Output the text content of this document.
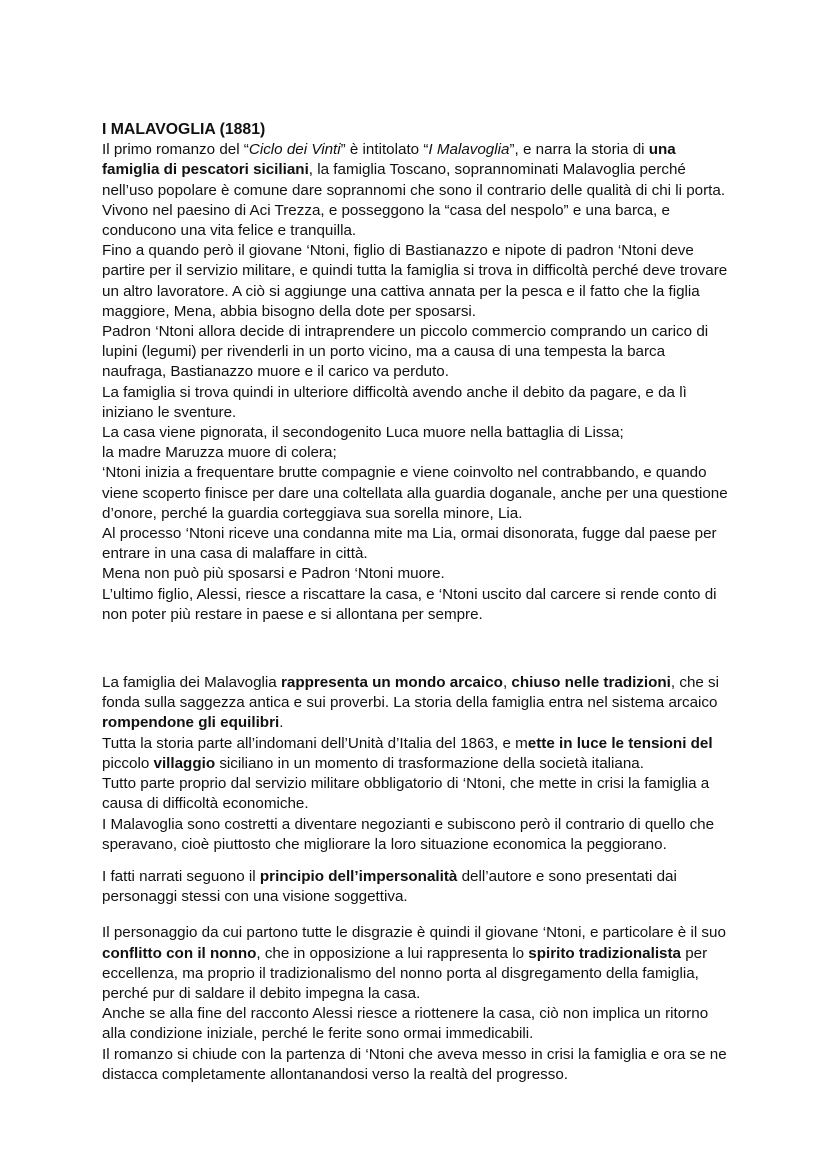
I MALAVOGLIA (1881)

Il primo romanzo del “Ciclo dei Vinti” è intitolato “I Malavoglia”, e narra la storia di una famiglia di pescatori siciliani, la famiglia Toscano, soprannominati Malavoglia perché nell’uso popolare è comune dare soprannomi che sono il contrario delle qualità di chi li porta. Vivono nel paesino di Aci Trezza, e posseggono la “casa del nespolo” e una barca, e conducono una vita felice e tranquilla.

Fino a quando però il giovane ‘Ntoni, figlio di Bastianazzo e nipote di padron ‘Ntoni deve partire per il servizio militare, e quindi tutta la famiglia si trova in difficoltà perché deve trovare un altro lavoratore. A ciò si aggiunge una cattiva annata per la pesca e il fatto che la figlia maggiore, Mena, abbia bisogno della dote per sposarsi.

Padron ‘Ntoni allora decide di intraprendere un piccolo commercio comprando un carico di lupini (legumi) per rivenderli in un porto vicino, ma a causa di una tempesta la barca naufraga, Bastianazzo muore e il carico va perduto.

La famiglia si trova quindi in ulteriore difficoltà avendo anche il debito da pagare, e da lì iniziano le sventure.

La casa viene pignorata, il secondogenito Luca muore nella battaglia di Lissa;

la madre Maruzza muore di colera;

‘Ntoni inizia a frequentare brutte compagnie e viene coinvolto nel contrabbando, e quando viene scoperto finisce per dare una coltellata alla guardia doganale, anche per una questione d’onore, perché la guardia corteggiava sua sorella minore, Lia.

Al processo ‘Ntoni riceve una condanna mite ma Lia, ormai disonorata, fugge dal paese per entrare in una casa di malaffare in città.

Mena non può più sposarsi e Padron ‘Ntoni muore.

L’ultimo figlio, Alessi, riesce a riscattare la casa, e ‘Ntoni uscito dal carcere si rende conto di non poter più restare in paese e si allontana per sempre.

La famiglia dei Malavoglia rappresenta un mondo arcaico, chiuso nelle tradizioni, che si fonda sulla saggezza antica e sui proverbi. La storia della famiglia entra nel sistema arcaico rompendone gli equilibri.

Tutta la storia parte all’indomani dell’Unità d’Italia del 1863, e mette in luce le tensioni del piccolo villaggio siciliano in un momento di trasformazione della società italiana.

Tutto parte proprio dal servizio militare obbligatorio di ‘Ntoni, che mette in crisi la famiglia a causa di difficoltà economiche.

I Malavoglia sono costretti a diventare negozianti e subiscono però il contrario di quello che speravano, cioè piuttosto che migliorare la loro situazione economica la peggiorano.

I fatti narrati seguono il principio dell’impersonalità dell’autore e sono presentati dai personaggi stessi con una visione soggettiva.

Il personaggio da cui partono tutte le disgrazie è quindi il giovane ‘Ntoni, e particolare è il suo conflitto con il nonno, che in opposizione a lui rappresenta lo spirito tradizionalista per eccellenza, ma proprio il tradizionalismo del nonno porta al disgregamento della famiglia, perché pur di saldare il debito impegna la casa.

Anche se alla fine del racconto Alessi riesce a riottenere la casa, ciò non implica un ritorno alla condizione iniziale, perché le ferite sono ormai immedicabili.

Il romanzo si chiude con la partenza di ‘Ntoni che aveva messo in crisi la famiglia e ora se ne distacca completamente allontanandosi verso la realtà del progresso.
